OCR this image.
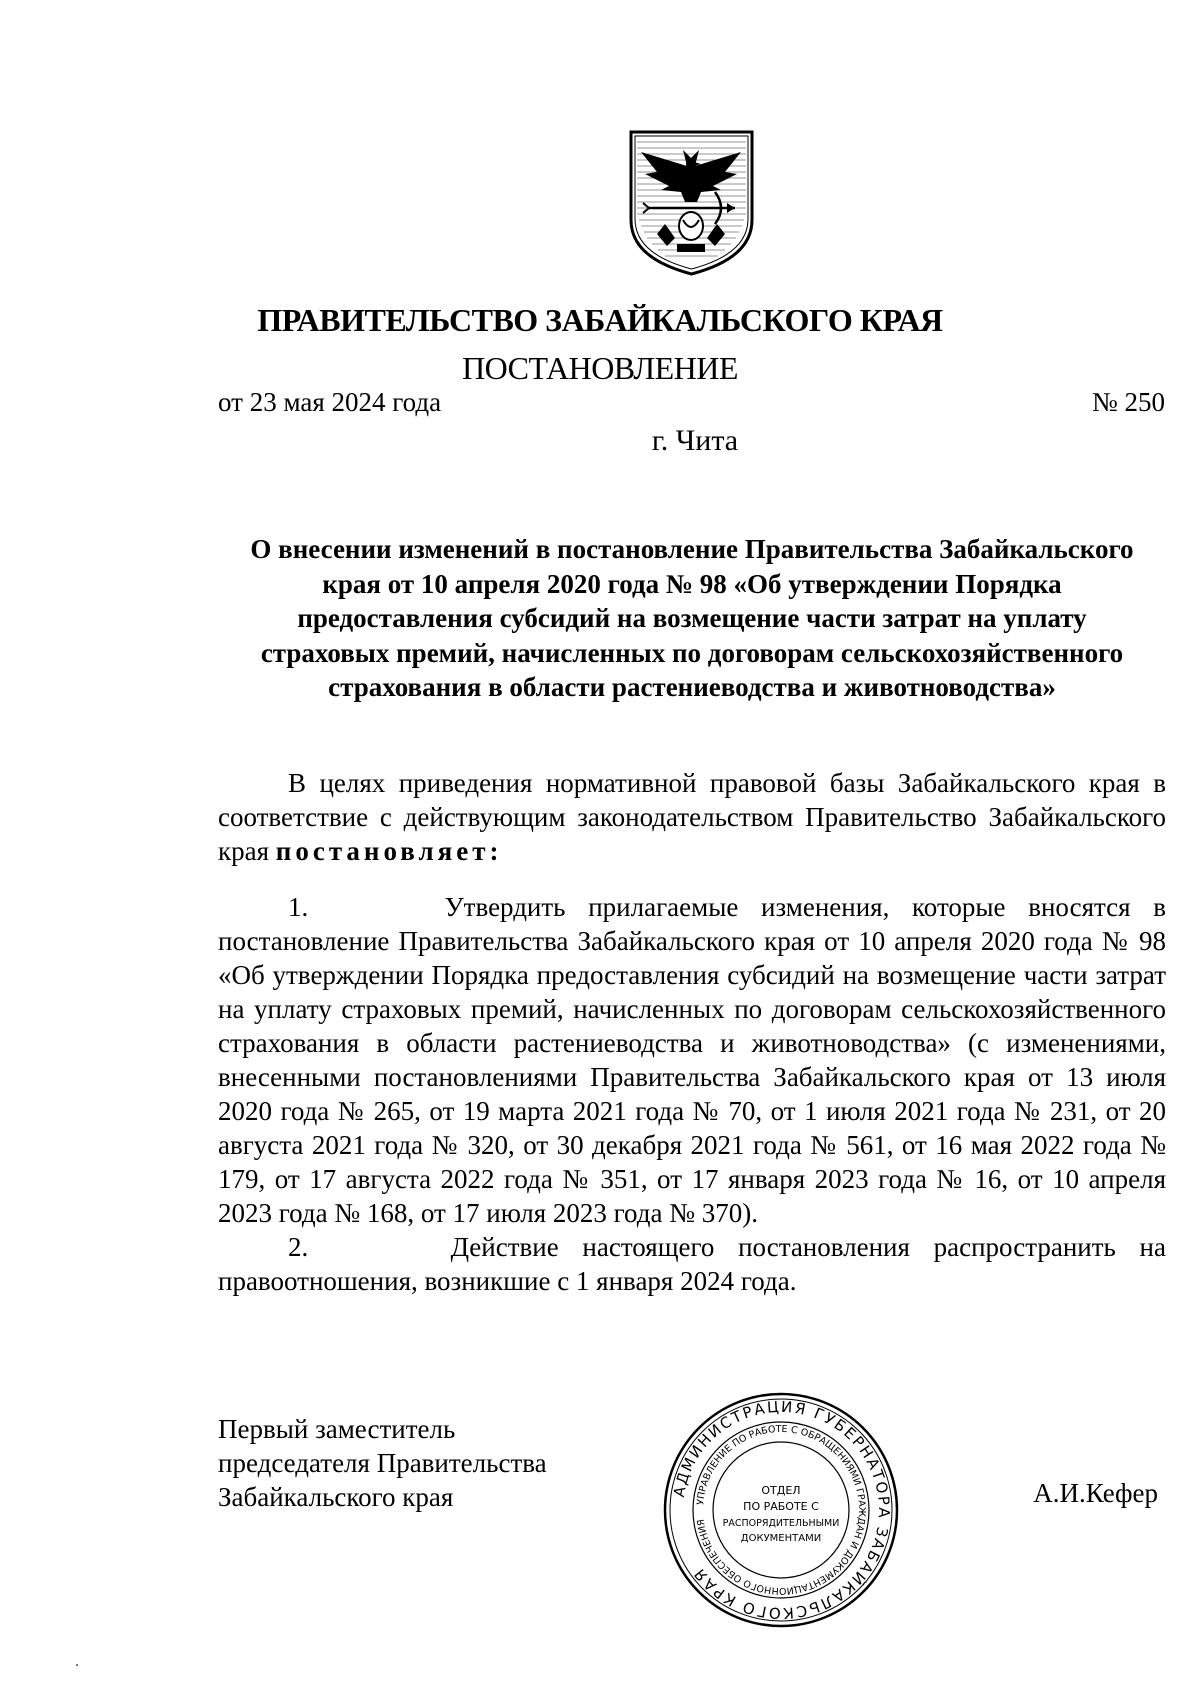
ПРАВИТЕЛЬСТВО ЗАБАЙКАЛЬСКОГО КРАЯ
ПОСТАНОВЛЕНИЕ
от 23 мая 2024 года	№ 250
г. Чита
О внесении изменений в постановление Правительства Забайкальского
края от 10 апреля 2020 года № 98 «Об утверждении Порядка
предоставления субсидий на возмещение части затрат на уплату
страховых премий, начисленных по договорам сельскохозяйственного
страхования в области растениеводства и животноводства»

В целях приведения нормативной правовой базы Забайкальского края в соответствие с действующим законодательством Правительство Забайкальского края постановляет:

1.	Утвердить прилагаемые изменения, которые вносятся в постановление Правительства Забайкальского края от 10 апреля 2020 года № 98 «Об утверждении Порядка предоставления субсидий на возмещение части затрат на уплату страховых премий, начисленных по договорам сельскохозяйственного страхования в области растениеводства и животноводства» (с изменениями, внесенными постановлениями Правительства Забайкальского края от 13 июля 2020 года № 265, от 19 марта 2021 года № 70, от 1 июля 2021 года № 231, от 20 августа 2021 года № 320, от 30 декабря 2021 года № 561, от 16 мая 2022 года № 179, от 17 августа 2022 года № 351, от 17 января 2023 года № 16, от 10 апреля 2023 года № 168, от 17 июля 2023 года № 370).

2.	Действие настоящего постановления распространить на правоотношения, возникшие с 1 января 2024 года.

Первый заместитель
председателя Правительства
Забайкальского края	А.И.Кефер
АДМИНИСТРАЦИЯ ГУБЕРНАТОРА ЗАБАЙКАЛЬСКОГО КРАЯ
УПРАВЛЕНИЕ ПО РАБОТЕ С ОБРАЩЕНИЯМИ ГРАЖДАН И ДОКУМЕНТАЦИОННОГО ОБЕСПЕЧЕНИЯ
ОТДЕЛ
ПО РАБОТЕ С
РАСПОРЯДИТЕЛЬНЫМИ
ДОКУМЕНТАМИ
